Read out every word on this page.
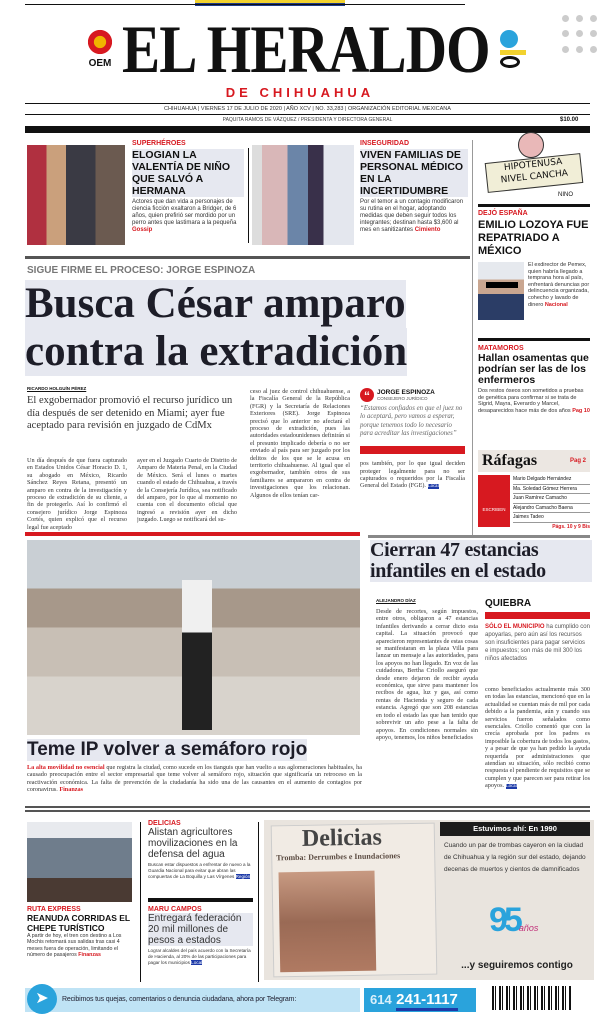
OEM EL HERALDO
DE CHIHUAHUA
CHIHUAHUA | VIERNES 17 DE JULIO DE 2020 | AÑO XCV | NO. 33,283 | ORGANIZACIÓN EDITORIAL MEXICANA
PAQUITA RAMOS DE VÁZQUEZ / PRESIDENTA Y DIRECTORA GENERAL	$10.00
SUPERHÉROES
ELOGIAN LA VALENTÍA DE NIÑO QUE SALVÓ A HERMANA
Actores que dan vida a personajes de ciencia ficción exaltaron a Bridger, de 6 años, quien prefirió ser mordido por un perro antes que lastimara a la pequeña Gossip
INSEGURIDAD
VIVEN FAMILIAS DE PERSONAL MÉDICO EN LA INCERTIDUMBRE
Por el temor a un contagio modificaron su rutina en el hogar, adoptando medidas que deben seguir todos los integrantes; destinan hasta $3,600 al mes en sanitizantes Cimiento
HIPOTENUSA
NIVEL CANCHA
NINO
DEJÓ ESPAÑA
EMILIO LOZOYA FUE REPATRIADO A MÉXICO
El exdirector de Pemex, quien habría llegado a temprana hora al país, enfrentará denuncias por delincuencia organizada, cohecho y lavado de dinero Nacional
MATAMOROS
Hallan osamentas que podrían ser las de los enfermeros
Dos restos óseos son sometidos a pruebas de genética para confirmar si se trata de Sigrid, Mayra, Everardo y Marcel, desaparecidos hace más de dos años Pag 10
Ráfagas	Pag 2
ESCRIBEN
Mario Delgado Hernández
Ma. Soledad Gómez Herrera
Juan Ramírez Camacho
Alejandro Camacho Baena
Jaimes Tadeo
Págs. 10 y 9 Bis
SIGUE FIRME EL PROCESO: JORGE ESPINOZA
Busca César amparo
contra la extradición
RICARDO HOLGUÍN PÉREZ
El exgobernador promovió el recurso jurídico un día después de ser detenido en Miami; ayer fue aceptado para revisión en juzgado de CdMx
Un día después de que fuera capturado en Estados Unidos César Horacio D. 1, su abogado en México, Ricardo Sánchez Reyes Retana, presentó un amparo en contra de la investigación y proceso de extradición de su cliente, a fin de protegerlo. Así lo confirmó el consejero jurídico Jorge Espinoza Cortés, quien explicó que el recurso legal fue aceptado
ayer en el Juzgado Cuarto de Distrito de Amparo de Materia Penal, en la Ciudad de México. Será el lunes o martes cuando el estado de Chihuahua, a través de la Consejería Jurídica, sea notificado del amparo, por lo que al momento no cuenta con el documento oficial que ingresó a revisión ayer en dicho juzgado. Luego se notificará del su-
ceso al juez de control chihuahuense, a la Fiscalía General de la República (FGR) y la Secretaría de Relaciones Exteriores (SRE). Jorge Espinoza precisó que lo anterior no afectará el proceso de extradición, pues las autoridades estadounidenses definirán si el presunto implicado debería o no ser enviado al país para ser juzgado por los delitos de los que se le acusa en territorio chihuahuense. Al igual que el exgobernador, también otros de sus familiares se ampararon en contra de investigaciones que los relacionan. Algunos de ellos tenían car-
“	JORGE ESPINOZA
CONSEJERO JURÍDICO
“Estamos confiados en que el juez no lo aceptará, pero vamos a esperar, porque tenemos todo lo necesario para acreditar las investigaciones”
pos también, por lo que igual deciden proteger legalmente para no ser capturados o requeridos por la Fiscalía General del Estado (FGE). Local
Teme IP volver a semáforo rojo
La alta movilidad no esencial que registra la ciudad, como sucede en los tianguis que han vuelto a sus aglomeraciones habituales, ha causado preocupación entre el sector empresarial que teme volver al semáforo rojo, situación que significaría un retroceso en la reactivación económica. La falta de prevención de la ciudadanía ha sido una de las causantes en el aumento de contagios por coronavirus. Finanzas
Cierran 47 estancias infantiles en el estado
ALEJANDRO DÍAZ
Desde de recortes, según impuestos, entre otros, obligaron a 47 estancias infantiles derivando a cerrar dicto esta capital. La situación provocó que aparecieron representantes de estas cosas se manifestaran en la plaza Villa para lanzar un mensaje a las autoridades, para los apoyos no han llegado. En voz de las cuidadoras, Bertha Criollo aseguró que desde enero dejaron de recibir ayuda económica, que sirve para mantener los recibos de agua, luz y gas, así como rentas de Hacienda y seguro de cada estancia. Agregó que son 208 estancias en todo el estado las que han tenido que sobrevivir un año pese a la falta de apoyos. En condiciones normales sin apoyo, tenemos, los niños beneficiados
QUIEBRA
SÓLO EL MUNICIPIO ha cumplido con apoyarlas, pero aún así los recursos son insuficientes para pagar servicios e impuestos; son más de mil 300 los niños afectados
como beneficiados actualmente más 300 en todas las estancias, mencionó que en la actualidad se cuentan más de mil por cada debido a la pandemia, aún y cuando sus servicios fueron señalados como esenciales. Criollo comentó que con la crecía aprobada por los padres es imposible la cobertura de todos los gastos, y a pesar de que ya han pedido la ayuda requerida por administraciones que atendían su situación, sólo recibió como respuesta el pendiente de requisitos que se cumplen y que parecen ser para retirar los apoyos. Local
RUTA EXPRESS
REANUDA CORRIDAS EL CHEPE TURÍSTICO
A partir de hoy, el tren con destino a Los Mochis retomará sus salidas tras casi 4 meses fuera de operación, limitando el número de pasajeros Finanzas
DELICIAS
Alistan agricultores movilizaciones en la defensa del agua
Buscan estar dispuestos a enfrentar de nuevo a la Guardia Nacional para evitar que abran las compuertas de La Boquilla y Las Vírgenes Región
MARU CAMPOS
Entregará federación 20 mil millones de pesos a estados
Lograr alcaldes del país acuerdo con la Secretaría de Hacienda, al 20% de las participaciones para pagar los municipios Local
Delicias
Tromba: Derrumbes e Inundaciones
Estuvimos ahí: En 1990
Cuando un par de trombas cayeron en la ciudad de Chihuahua y la región sur del estado, dejando decenas de muertos y cientos de damnificados
95años
...y seguiremos contigo
➤	Recibimos tus quejas, comentarios o denuncia ciudadana, ahora por Telegram:	614 241-1117
